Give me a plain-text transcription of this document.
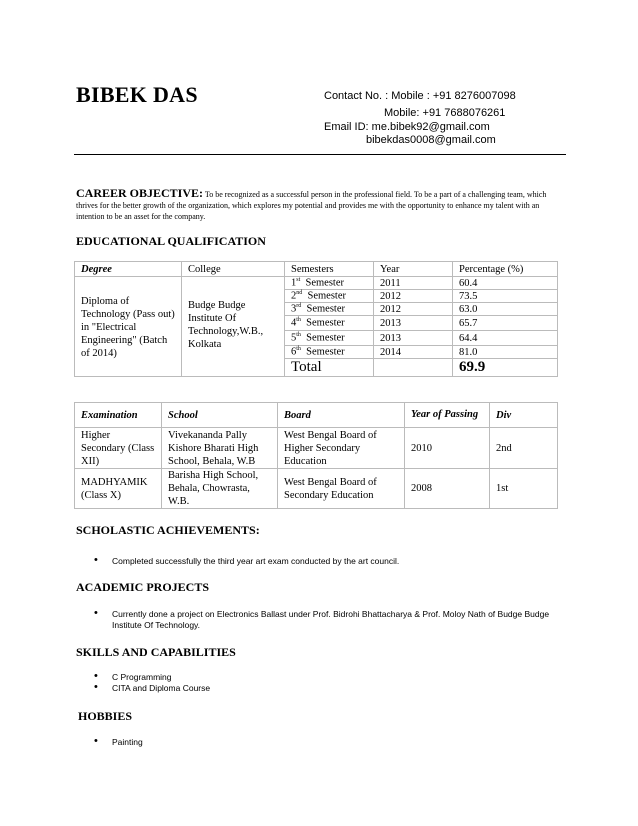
BIBEK DAS	Contact No. : Mobile : +91 8276007098
Mobile: +91 7688076261
Email ID: me.bibek92@gmail.com
bibekdas0008@gmail.com
CAREER OBJECTIVE: To be recognized as a successful person in the professional field. To be a part of a challenging team, which thrives for the better growth of the organization, which explores my potential and provides me with the opportunity to enhance my talent with an intention to be an asset for the company.
EDUCATIONAL QUALIFICATION
Degree	College	Semesters	Year	Percentage (%)
Diploma of Technology (Pass out) in "Electrical Engineering" (Batch of 2014)	Budge Budge Institute Of Technology,W.B., Kolkata	1st Semester	2011	60.4
		2nd Semester	2012	73.5
		3rd Semester	2012	63.0
		4th Semester	2013	65.7
		5th Semester	2013	64.4
		6th Semester	2014	81.0
		Total		69.9
Examination	School	Board	Year of Passing	Div
Higher Secondary (Class XII)	Vivekananda Pally Kishore Bharati High School, Behala, W.B	West Bengal Board of Higher Secondary Education	2010	2nd
MADHYAMIK (Class X)	Barisha High School, Behala, Chowrasta, W.B.	West Bengal Board of Secondary Education	2008	1st
SCHOLASTIC ACHIEVEMENTS:
• Completed successfully the third year art exam conducted by the art council.
ACADEMIC PROJECTS
• Currently done a project on Electronics Ballast under Prof. Bidrohi Bhattacharya & Prof. Moloy Nath of Budge Budge Institute Of Technology.
SKILLS AND CAPABILITIES
• C Programming
• CITA and Diploma Course
HOBBIES
• Painting
